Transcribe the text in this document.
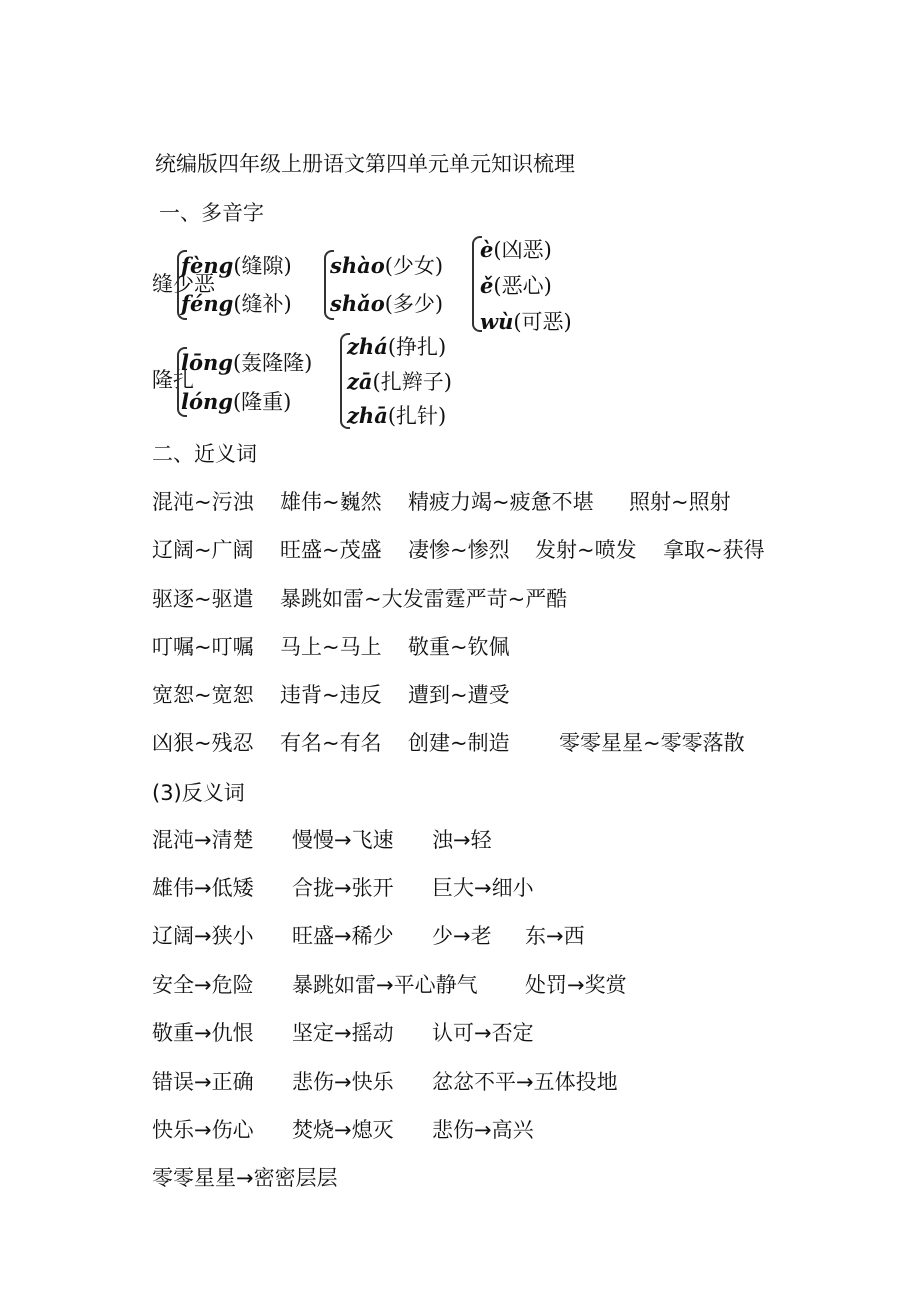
统编版四年级上册语文第四单元单元知识梳理
一、多音字
缝少恶
fèng(缝隙)
féng(缝补)
shào(少女)
shǎo(多少)
è(凶恶)
ě(恶心)
wù(可恶)
隆扎
lōng(轰隆隆)
lóng(隆重)
zhá(挣扎)
zā(扎辫子)
zhā(扎针)
二、近义词
混沌~污浊 雄伟~巍然 精疲力竭~疲惫不堪 照射~照射
辽阔~广阔 旺盛~茂盛 凄惨~惨烈 发射~喷发 拿取~获得
驱逐~驱遣 暴跳如雷~大发雷霆严苛~严酷
叮嘱~叮嘱 马上~马上 敬重~钦佩
宽恕~宽恕 违背~违反 遭到~遭受
凶狠~残忍 有名~有名 创建~制造 零零星星~零零落散
(3)反义词
混沌→清楚 慢慢→飞速 浊→轻
雄伟→低矮 合拢→张开 巨大→细小
辽阔→狭小 旺盛→稀少 少→老 东→西
安全→危险 暴跳如雷→平心静气 处罚→奖赏
敬重→仇恨 坚定→摇动 认可→否定
错误→正确 悲伤→快乐 忿忿不平→五体投地
快乐→伤心 焚烧→熄灭 悲伤→高兴
零零星星→密密层层
